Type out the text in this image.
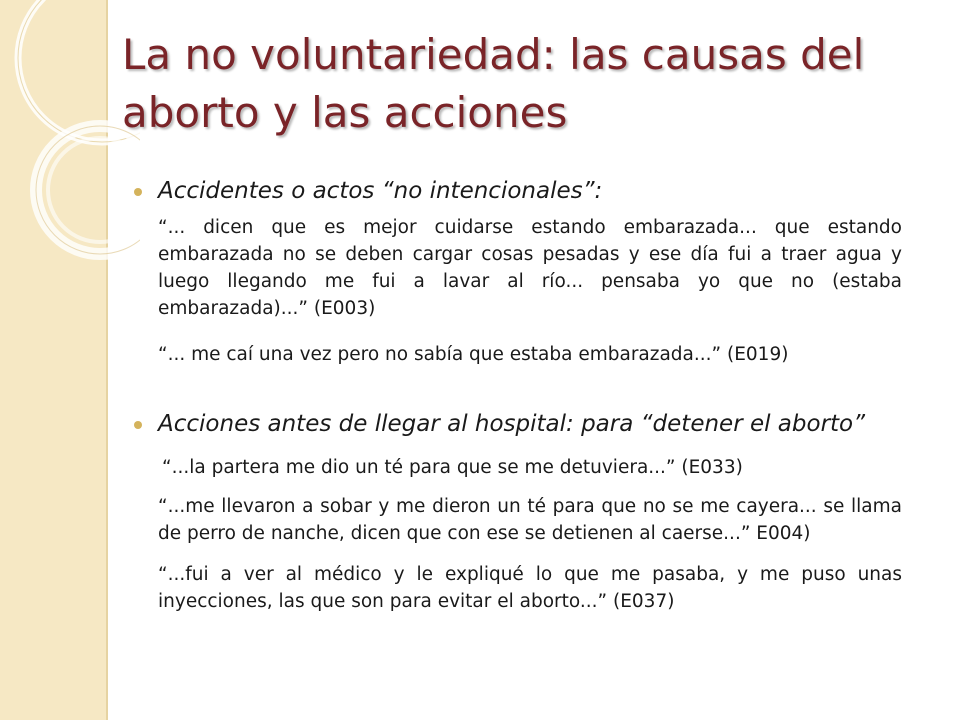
La no voluntariedad: las causas del aborto y las acciones
Accidentes o actos “no intencionales”:
“... dicen que es mejor cuidarse estando embarazada... que estando embarazada no se deben cargar cosas pesadas y ese día fui a traer agua y luego llegando me fui a lavar al río... pensaba yo que no (estaba embarazada)...” (E003)
“... me caí una vez pero no sabía que estaba embarazada...” (E019)
Acciones antes de llegar al hospital: para “detener el aborto”
“...la partera me dio un té para que se me detuviera...” (E033)
“...me llevaron a sobar y me dieron un té para que no se me cayera... se llama de perro de nanche, dicen que con ese se detienen al caerse...” E004)
“...fui a ver al médico y le expliqué lo que me pasaba, y me puso unas inyecciones, las que son para evitar el aborto...” (E037)
